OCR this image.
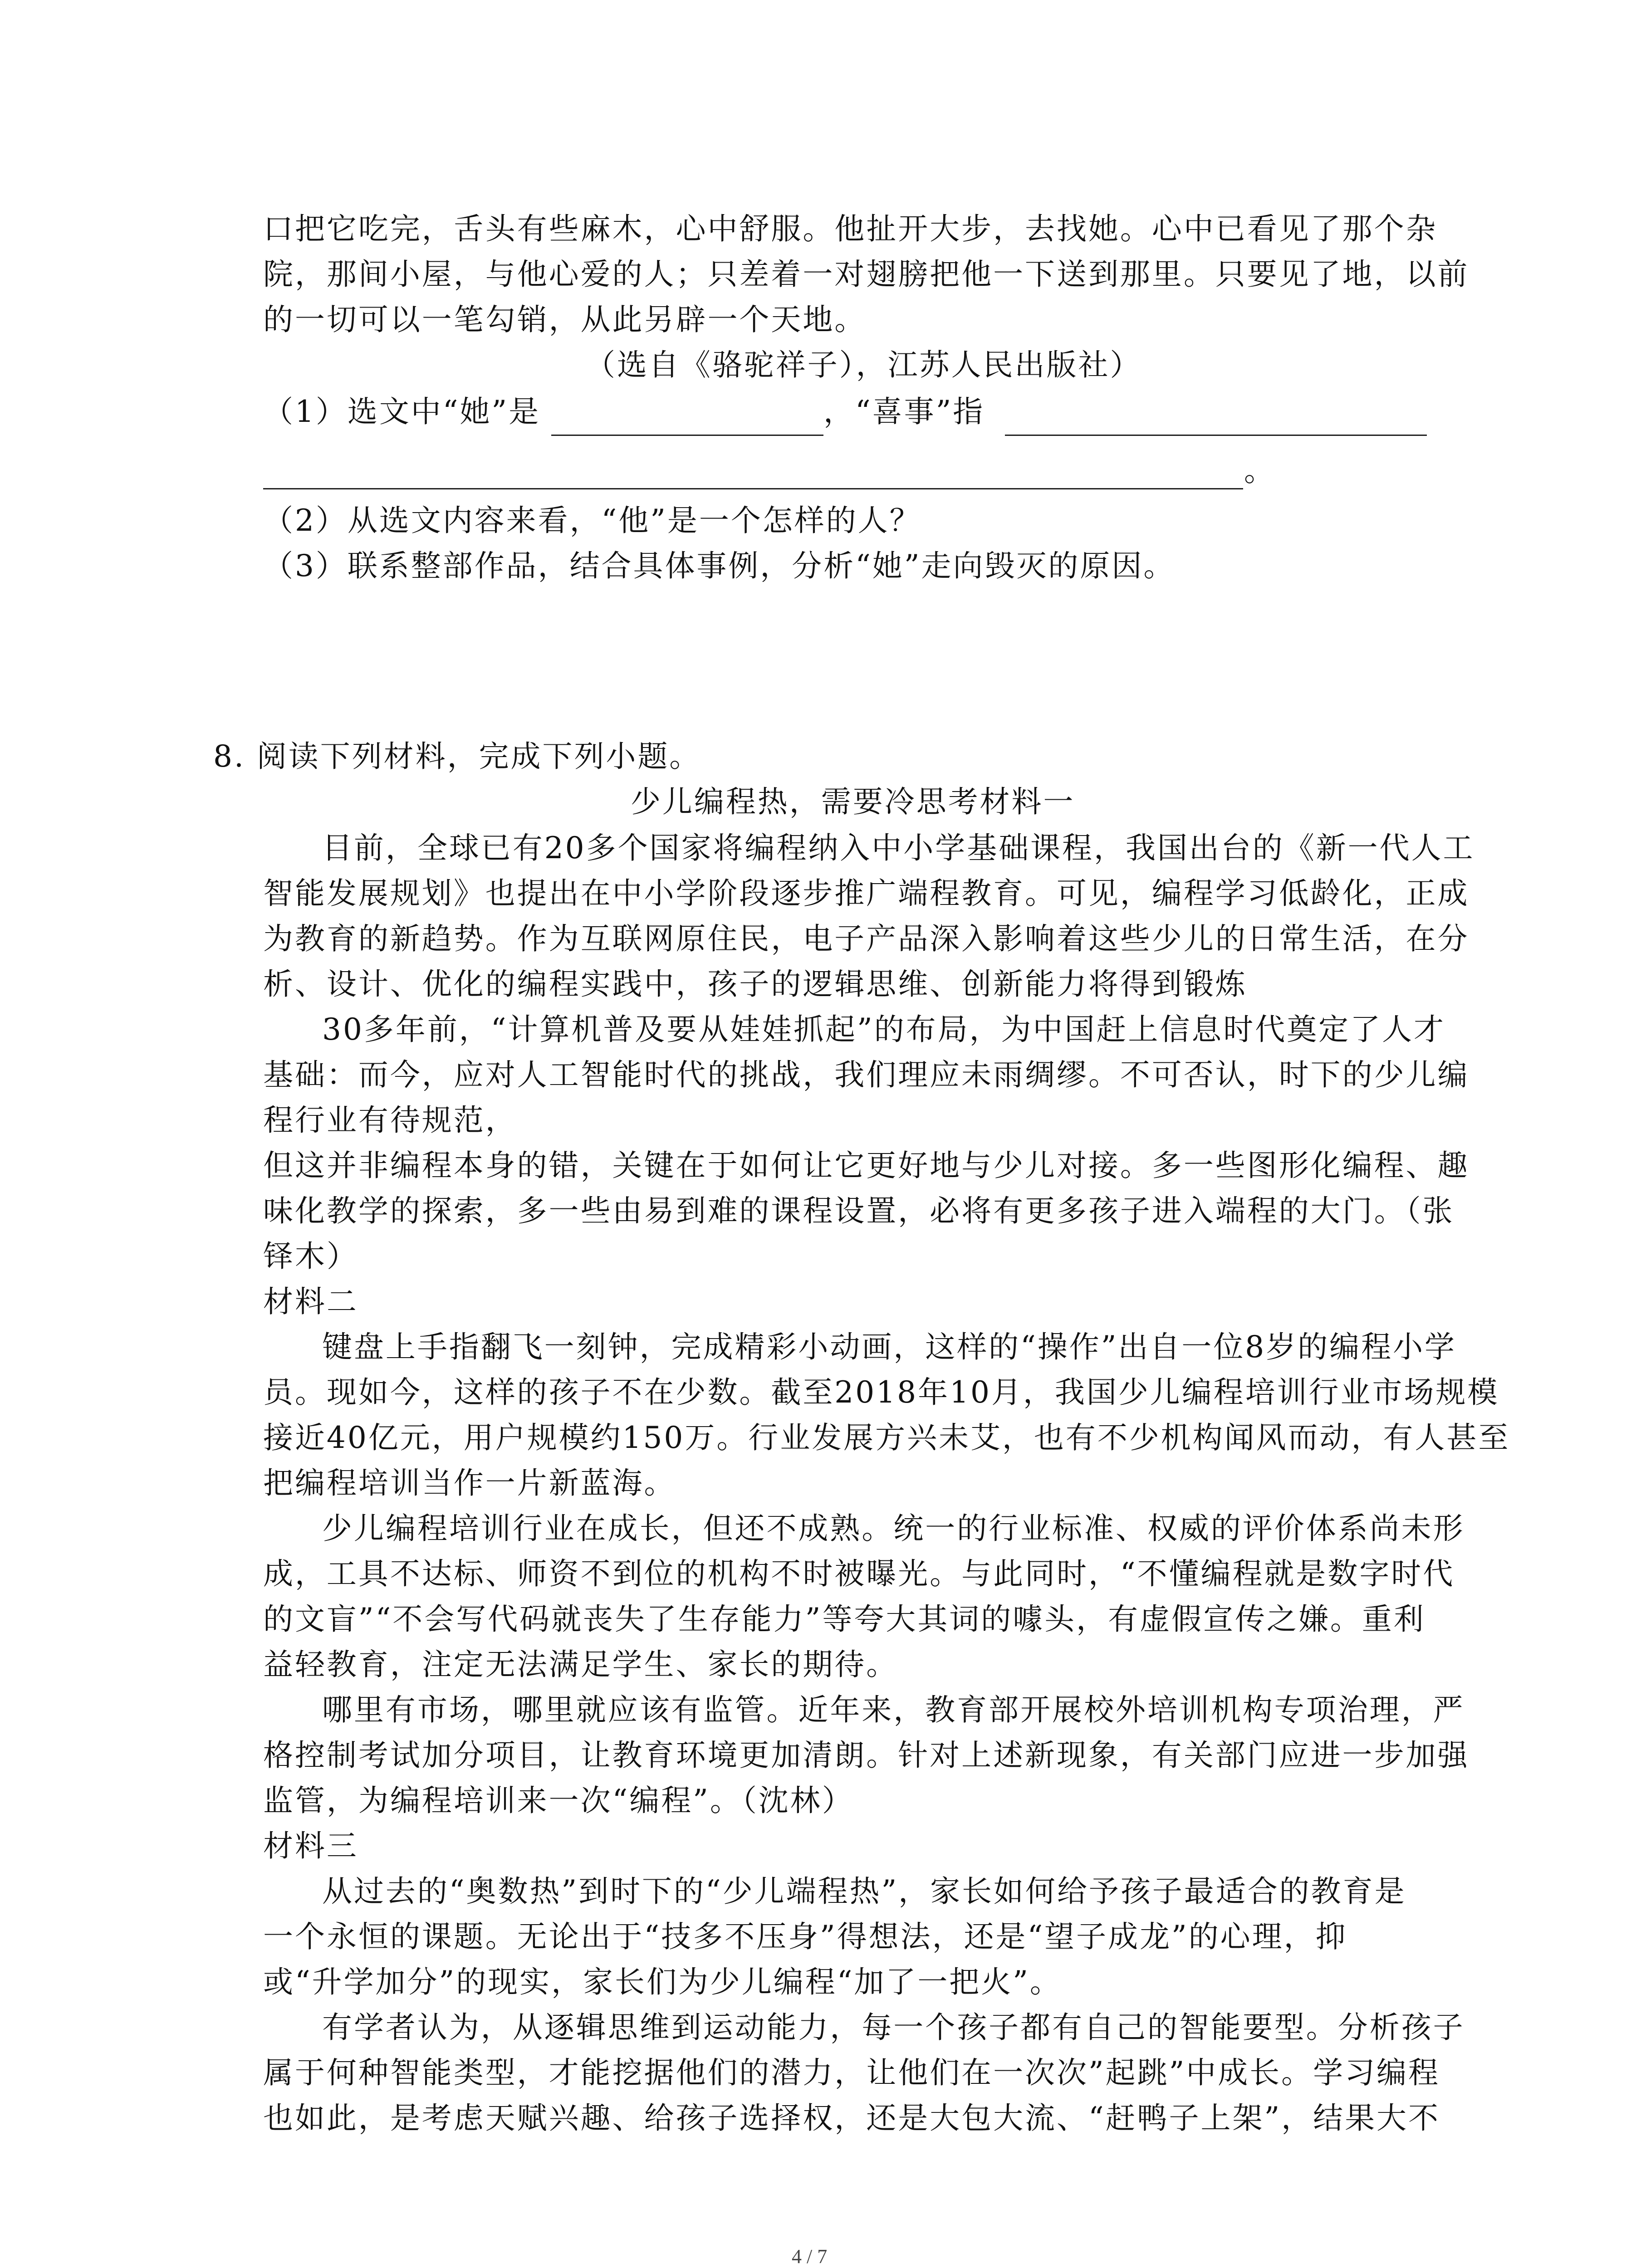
口把它吃完，舌头有些麻木，心中舒服。他扯开大步，去找她。心中已看见了那个杂
院，那间小屋，与他心爱的人；只差着一对翅膀把他一下送到那里。只要见了地，以前
的一切可以一笔勾销，从此另辟一个天地。
（选自《骆驼祥子），江苏人民出版社）
（1）选文中“她”是	，“喜事”指
。
（2）从选文内容来看，“他”是一个怎样的人？
（3）联系整部作品，结合具体事例，分析“她”走向毁灭的原因。
8. 阅读下列材料，完成下列小题。
少儿编程热，需要冷思考材料一
目前，全球已有20多个国家将编程纳入中小学基础课程，我国出台的《新一代人工
智能发展规划》也提出在中小学阶段逐步推广端程教育。可见，编程学习低龄化，正成
为教育的新趋势。作为互联网原住民，电子产品深入影响着这些少儿的日常生活，在分
析、设计、优化的编程实践中，孩子的逻辑思维、创新能力将得到锻炼
30多年前，“计算机普及要从娃娃抓起”的布局，为中国赶上信息时代奠定了人才
基础：而今，应对人工智能时代的挑战，我们理应未雨绸缪。不可否认，时下的少儿编
程行业有待规范，
但这并非编程本身的错，关键在于如何让它更好地与少儿对接。多一些图形化编程、趣
味化教学的探索，多一些由易到难的课程设置，必将有更多孩子进入端程的大门。（张
铎木）
材料二
键盘上手指翻飞一刻钟，完成精彩小动画，这样的“操作”出自一位8岁的编程小学
员。现如今，这样的孩子不在少数。截至2018年10月，我国少儿编程培训行业市场规模
接近40亿元，用户规模约150万。行业发展方兴未艾，也有不少机构闻风而动，有人甚至
把编程培训当作一片新蓝海。
少儿编程培训行业在成长，但还不成熟。统一的行业标准、权威的评价体系尚未形
成，工具不达标、师资不到位的机构不时被曝光。与此同时，“不懂编程就是数字时代
的文盲”“不会写代码就丧失了生存能力”等夸大其词的噱头，有虚假宣传之嫌。重利
益轻教育，注定无法满足学生、家长的期待。
哪里有市场，哪里就应该有监管。近年来，教育部开展校外培训机构专项治理，严
格控制考试加分项目，让教育环境更加清朗。针对上述新现象，有关部门应进一步加强
监管，为编程培训来一次“编程”。（沈林）
材料三
从过去的“奥数热”到时下的“少儿端程热”，家长如何给予孩子最适合的教育是
一个永恒的课题。无论出于“技多不压身”得想法，还是“望子成龙”的心理，抑
或“升学加分”的现实，家长们为少儿编程“加了一把火”。
有学者认为，从逐辑思维到运动能力，每一个孩子都有自己的智能要型。分析孩子
属于何种智能类型，才能挖据他们的潜力，让他们在一次次”起跳”中成长。学习编程
也如此，是考虑天赋兴趣、给孩子选择权，还是大包大流、“赶鸭子上架”，结果大不
4 / 7
